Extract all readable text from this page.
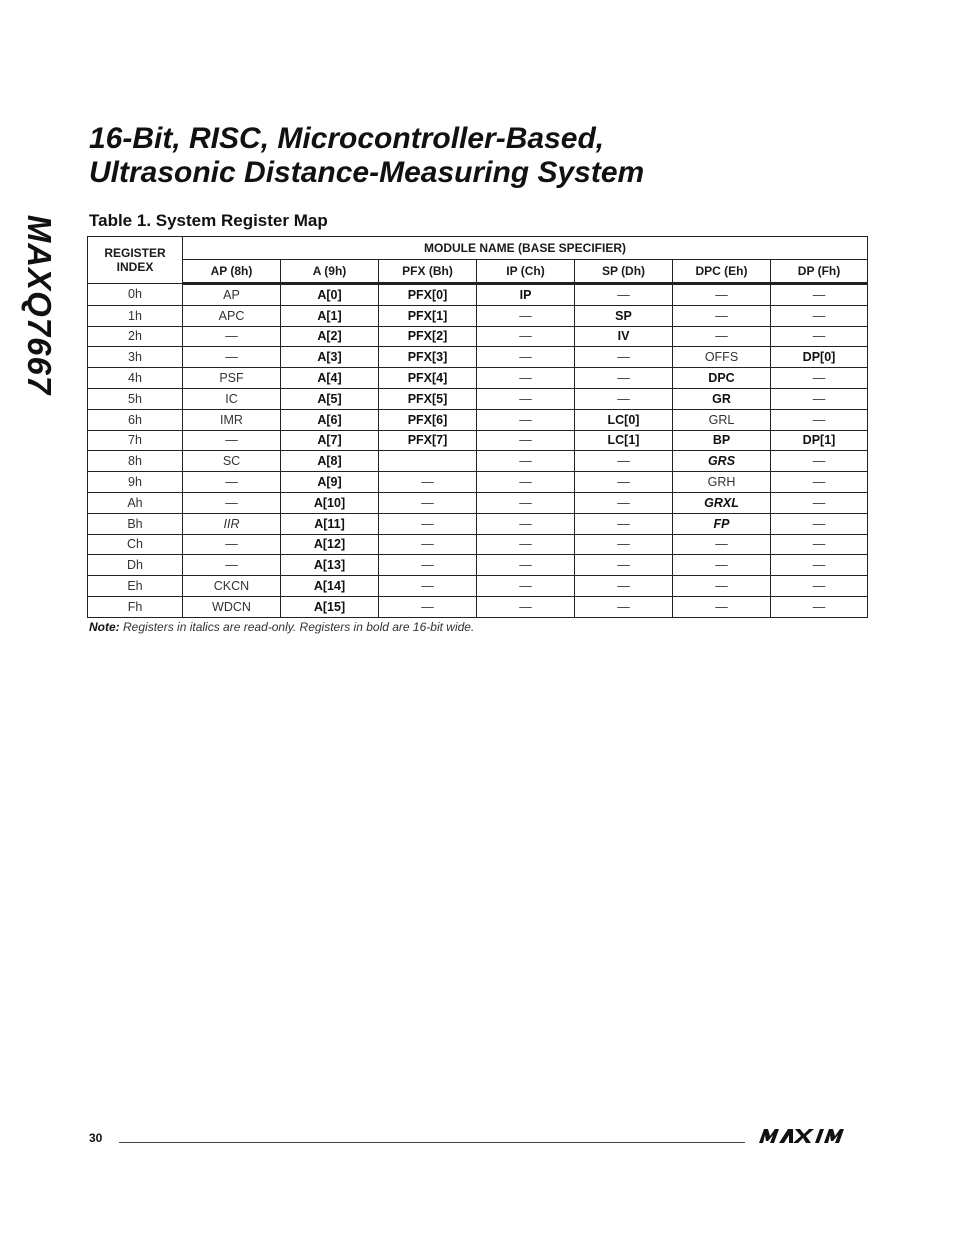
MAXQ7667
16-Bit, RISC, Microcontroller-Based,
Ultrasonic Distance-Measuring System
Table 1. System Register Map
REGISTER INDEX	MODULE NAME (BASE SPECIFIER)						
	AP (8h)	A (9h)	PFX (Bh)	IP (Ch)	SP (Dh)	DPC (Eh)	DP (Fh)
0h	AP	A[0]	PFX[0]	IP	—	—	—
1h	APC	A[1]	PFX[1]	—	SP	—	—
2h	—	A[2]	PFX[2]	—	IV	—	—
3h	—	A[3]	PFX[3]	—	—	OFFS	DP[0]
4h	PSF	A[4]	PFX[4]	—	—	DPC	—
5h	IC	A[5]	PFX[5]	—	—	GR	—
6h	IMR	A[6]	PFX[6]	—	LC[0]	GRL	—
7h	—	A[7]	PFX[7]	—	LC[1]	BP	DP[1]
8h	SC	A[8]		—	—	GRS	—
9h	—	A[9]	—	—	—	GRH	—
Ah	—	A[10]	—	—	—	GRXL	—
Bh	IIR	A[11]	—	—	—	FP	—
Ch	—	A[12]	—	—	—	—	—
Dh	—	A[13]	—	—	—	—	—
Eh	CKCN	A[14]	—	—	—	—	—
Fh	WDCN	A[15]	—	—	—	—	—

Note: Registers in italics are read-only. Registers in bold are 16-bit wide.

30
